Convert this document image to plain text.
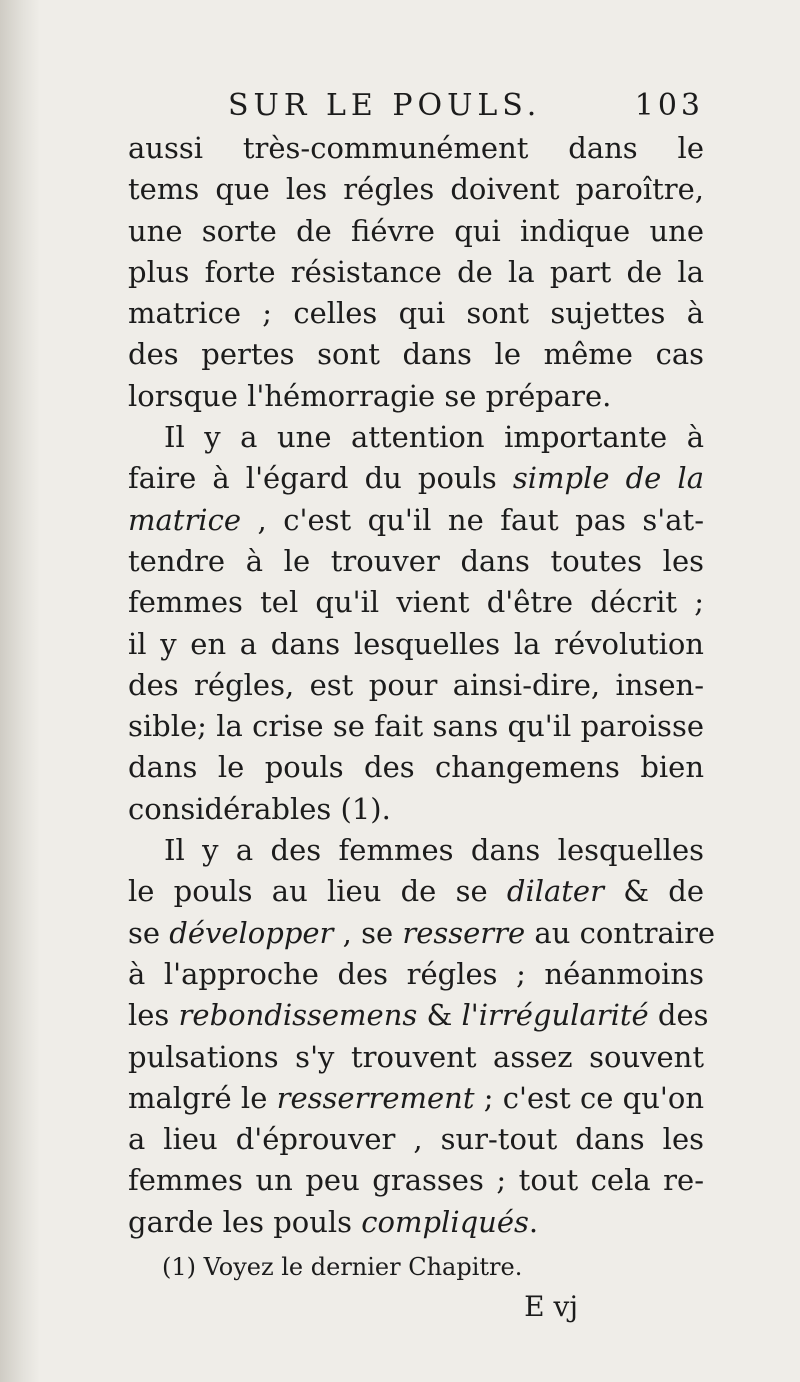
SUR LE POULS.	103
aussi très-communément dans le
tems que les régles doivent paroître,
une sorte de fiévre qui indique une
plus forte résistance de la part de la
matrice ; celles qui sont sujettes à
des pertes sont dans le même cas
lorsque l'hémorragie se prépare.
Il y a une attention importante à
faire à l'égard du pouls simple de la
matrice , c'est qu'il ne faut pas s'at-
tendre à le trouver dans toutes les
femmes tel qu'il vient d'être décrit ;
il y en a dans lesquelles la révolution
des régles, est pour ainsi-dire, insen-
sible; la crise se fait sans qu'il paroisse
dans le pouls des changemens bien
considérables (1).
Il y a des femmes dans lesquelles
le pouls au lieu de se dilater & de
se développer , se resserre au contraire
à l'approche des régles ; néanmoins
les rebondissemens & l'irrégularité des
pulsations s'y trouvent assez souvent
malgré le resserrement ; c'est ce qu'on
a lieu d'éprouver , sur-tout dans les
femmes un peu grasses ; tout cela re-
garde les pouls compliqués.
(1) Voyez le dernier Chapitre.
E vj
